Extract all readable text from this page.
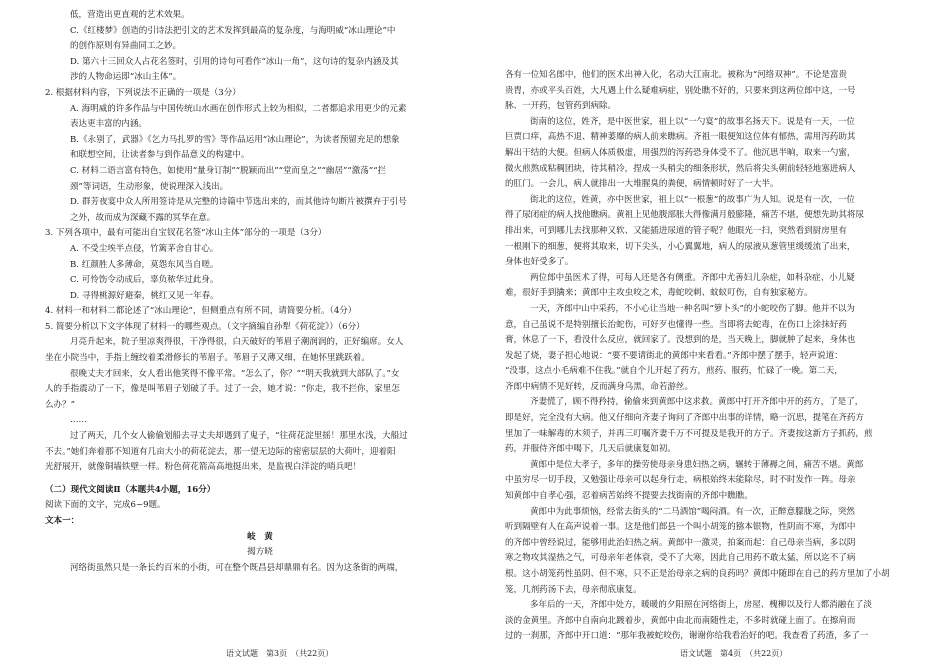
低，营造出更直观的艺术效果。
C.《红楼梦》创造的引诗法把引文的艺术发挥到最高的复杂度，与海明威“冰山理论”中
的创作原则有异曲同工之妙。
D. 第六十三回众人占花名签时，引用的诗句可看作“冰山一角”，这句诗的复杂内涵及其
涉的人物命运即“冰山主体”。
2. 根据材料内容，下列说法不正确的一项是（3分）
A. 海明威的许多作品与中国传统山水画在创作形式上较为相似，二者都追求用更少的元素
表达更丰富的内涵。
B.《永别了，武器》《乞力马扎罗的雪》等作品运用“冰山理论”，为读者预留充足的想象
和联想空间，让读者参与到作品意义的构建中。
C. 材料二语言富有特色，如使用“量身订制”“脱颖而出”“堂而皇之”“幽居”“激荡”“拦
颈”等词语，生动形象，使说理深入浅出。
D. 群芳夜宴中众人所用签诗是从完整的诗篇中节选出来的，而其他诗句断片被撰弃于引号
之外，故而成为深藏不露的冥华在意。
3. 下列各项中，最有可能出自宝钗花名签“冰山主体”部分的一项是（3分）
A. 不受尘埃半点侵，竹篱茅舍自甘心。
B. 红颜胜人多薄命，莫怨东风当自嗟。
C. 可怜饬令动成后，辜负秾华过此身。
D. 寻得桃源好避秦，桃红又见一年春。
4. 材料一和材料二都论述了“冰山理论”，但侧重点有所不同，请简要分析。（4分）
5. 简要分析以下文字体现了材料一的哪些观点。（文字摘编自孙犁《荷花淀》）（6分）
月亮升起来，院子里凉爽得很，干净得很，白天破好的苇眉子潮润润的，正好编席。女人
坐在小院当中，手指上缠绞着柔滑修长的苇眉子。苇眉子又薄又细，在她怀里跳跃着。
很晚丈夫才回来，女人看出他笑得不像平常。“怎么了，你？”“明天我就到大部队了。”女
人的手指震动了一下，像是叫苇眉子划破了手。过了一会，她才说：“你走，我不拦你，家里怎
么办？”
……
过了两天，几个女人偷偷划船去寻丈夫却遇到了鬼子，“往荷花淀里摇！那里水浅，大船过
不去。”她们奔着那不知道有几亩大小的荷花淀去，那一望无边际的密密层层的大荷叶，迎着阳
光舒展开，就像铜墙铁壁一样。粉色荷花箭高高地挺出来，是监视白洋淀的哨兵吧！
（二）现代文阅读Ⅱ（本题共4小题，16分）
阅读下面的文字，完成6~9题。
文本一：
岐　黄
揭方晓
河络街虽然只是一条长约百米的小街，可在整个既昌县却鼎鼎有名。因为这条街的两端，
语文试题　第3页　（共22页）
各有一位知名郎中，他们的医术出神入化，名动大江南北。被称为“河络双神”。不论是富贵
贵胄，亦或平头百姓，大凡遇上什么疑难病症，别处瞧不好的，只要来到这两位郎中这，一号
脉、一开药，包管药到病除。
街南的这位，姓齐，是中医世家，祖上以“一勺宴”的故事名扬天下。说是有一天，一位
巨贾口痒，高热不退、精神萎靡的病人前来瞧病。齐祖一眼便知这位体有郁热，需用泻药助其
解出干结的大便。但病人体质极虚，用强烈的泻药恐身体受不了。他沉思半晌，取来一勺蜜，
微火煎熬成粘稠团块，待其稍冷，捏成一头稍尖的细条形状，然后将尖头朝前轻轻地塞进病人
的肛门。一会儿，病人就排出一大堆腥臭的粪便，病情顿时好了一大半。
街北的这位，姓黄，亦中医世家，祖上以“一根葱”的故事广为人知。说是有一次，一位
得了尿闭症的病人找他瞧病。黄祖上见他腹部胀大得像满月般膨隆，痛苦不堪，便想先助其将尿
排出来，可到哪儿去找那种又软、又能插进尿道的管子呢？他眼光一扫，突然看到厨房里有
一根刚下的细葱，便将其取来，切下尖头，小心翼翼地，病人的尿液从葱管里缓缓流了出来，
身体也好受多了。
两位郎中虽医术了得，可每人还是各有侧重。齐郎中尤善妇儿杂症，如科杂症、小儿疑
难，很好手到擒来；黄郎中主攻虫咬之术，毒蛇咬刺、蚊蚁叮伤，自有独家秘方。
一天，齐郎中山中采药，不小心让当地一种名叫“箩卜头”的小蛇咬伤了脚。他并不以为
意，自己虽说不是特别擅长治蛇伤，可好歹也懂得一些。当即将去蛇毒，在伤口上涂抹好药
膏，休息了一下，看没什么反应，就回家了。没想到的是，当天晚上，脚就肿了起来，身体也
发起了烧，妻子担心地说：“要不要请街北的黄郎中来看看。”齐郎中摆了摆手，轻声说道：
“没事，这点小毛病难不住我。”就自个儿开起了药方，煎药、服药，忙碌了一晚。第二天，
齐郎中病情不见好转，反而满身乌黑，命若游丝。
齐妻慌了，顾不得矜持，偷偷来到黄郎中这求救。黄郎中打开齐郎中开的药方，了是了，
即是好，完全没有大病。他又仔细向齐妻子询问了齐郎中出事的详情，略一沉思，提笔在齐药方
里加了一味解毒的木须子，并再三叮嘱齐妻千万不可提及是我开的方子。齐妻按这新方子抓药，煎
药，并服侍齐郎中喝下，几天后就康复如初。
黄郎中是位大孝子，多年的操劳使母亲身患妇热之病，辗转于薄褥之间，痛苦不堪。黄郎
中虽穷尽一切手段，又勉强让母亲可以起身行走，病根始终未能除尽，时不时发作一阵。母亲
知黄郎中自孝心强，忍着病苦始终不提要去找街南的齐郎中瞧瞧。
黄郎中为此事烦恼，经常去街头的“二马酒馆”喝闷酒。有一次，正醉意朦胧之际，突然
听到隔壁有人在高声说着一事。这是他们郎县一个叫小胡笼的猕本银物，性阴而不寒，为郎中
的齐郎中曾经说过，能够用此治妇热之病。黄郎中一激灵，拍案而起：自己母亲当病，多以阴
寒之物攻其湿热之气，可母亲年老体衰，受不了大寒，因此自己用药不敢太猛，所以迄不了病
根。这小胡笼药性虽阴、但不寒，只不正是治母亲之病的良药吗？黄郎中随即在自己的药方里加了小胡
笼，几剂药汤下去，母亲彻底康复。
多年后的一天，齐郎中处方，暖暖的夕阳照在河络街上，房屋、槐柳以及行人都消融在了淡
淡的金黄里。齐郎中自南向北踱着步，黄郎中由北而南随性走，不多时就碰上面了。在擦肩而
过的一刹那，齐郎中开口道：“那年我被蛇咬伤，谢谢你给我看治好的吧。我查看了药渣，多了一
语文试题　第4页　（共22页）
